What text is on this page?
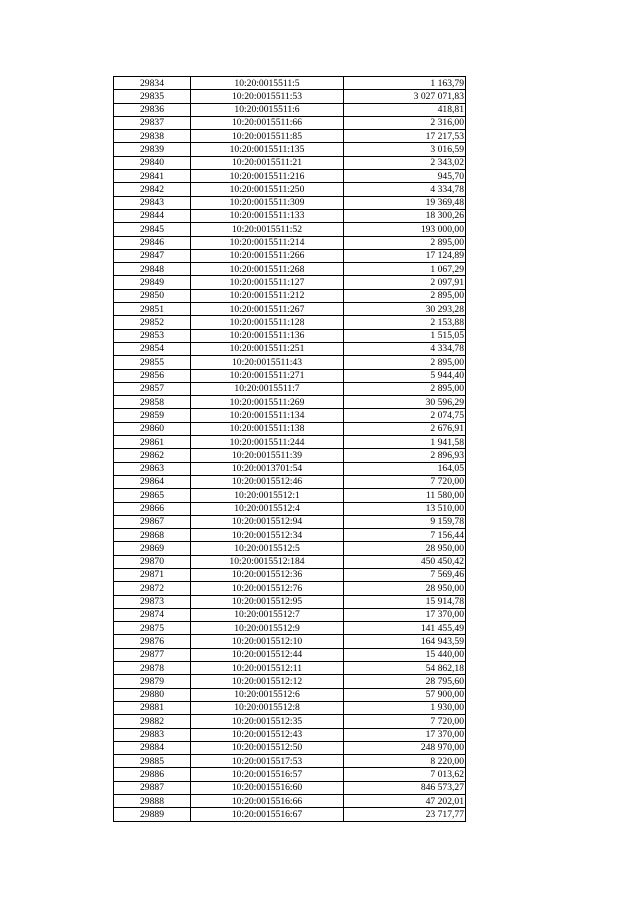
29834	10:20:0015511:5	1 163,79
29835	10:20:0015511:53	3 027 071,83
29836	10:20:0015511:6	418,81
29837	10:20:0015511:66	2 316,00
29838	10:20:0015511:85	17 217,53
29839	10:20:0015511:135	3 016,59
29840	10:20:0015511:21	2 343,02
29841	10:20:0015511:216	945,70
29842	10:20:0015511:250	4 334,78
29843	10:20:0015511:309	19 369,48
29844	10:20:0015511:133	18 300,26
29845	10:20:0015511:52	193 000,00
29846	10:20:0015511:214	2 895,00
29847	10:20:0015511:266	17 124,89
29848	10:20:0015511:268	1 067,29
29849	10:20:0015511:127	2 097,91
29850	10:20:0015511:212	2 895,00
29851	10:20:0015511:267	30 293,28
29852	10:20:0015511:128	2 153,88
29853	10:20:0015511:136	1 515,05
29854	10:20:0015511:251	4 334,78
29855	10:20:0015511:43	2 895,00
29856	10:20:0015511:271	5 944,40
29857	10:20:0015511:7	2 895,00
29858	10:20:0015511:269	30 596,29
29859	10:20:0015511:134	2 074,75
29860	10:20:0015511:138	2 676,91
29861	10:20:0015511:244	1 941,58
29862	10:20:0015511:39	2 896,93
29863	10:20:0013701:54	164,05
29864	10:20:0015512:46	7 720,00
29865	10:20:0015512:1	11 580,00
29866	10:20:0015512:4	13 510,00
29867	10:20:0015512:94	9 159,78
29868	10:20:0015512:34	7 156,44
29869	10:20:0015512:5	28 950,00
29870	10:20:0015512:184	450 450,42
29871	10:20:0015512:36	7 569,46
29872	10:20:0015512:76	28 950,00
29873	10:20:0015512:95	15 914,78
29874	10:20:0015512:7	17 370,00
29875	10:20:0015512:9	141 455,49
29876	10:20:0015512:10	164 943,59
29877	10:20:0015512:44	15 440,00
29878	10:20:0015512:11	54 862,18
29879	10:20:0015512:12	28 795,60
29880	10:20:0015512:6	57 900,00
29881	10:20:0015512:8	1 930,00
29882	10:20:0015512:35	7 720,00
29883	10:20:0015512:43	17 370,00
29884	10:20:0015512:50	248 970,00
29885	10:20:0015517:53	8 220,00
29886	10:20:0015516:57	7 013,62
29887	10:20:0015516:60	846 573,27
29888	10:20:0015516:66	47 202,01
29889	10:20:0015516:67	23 717,77
